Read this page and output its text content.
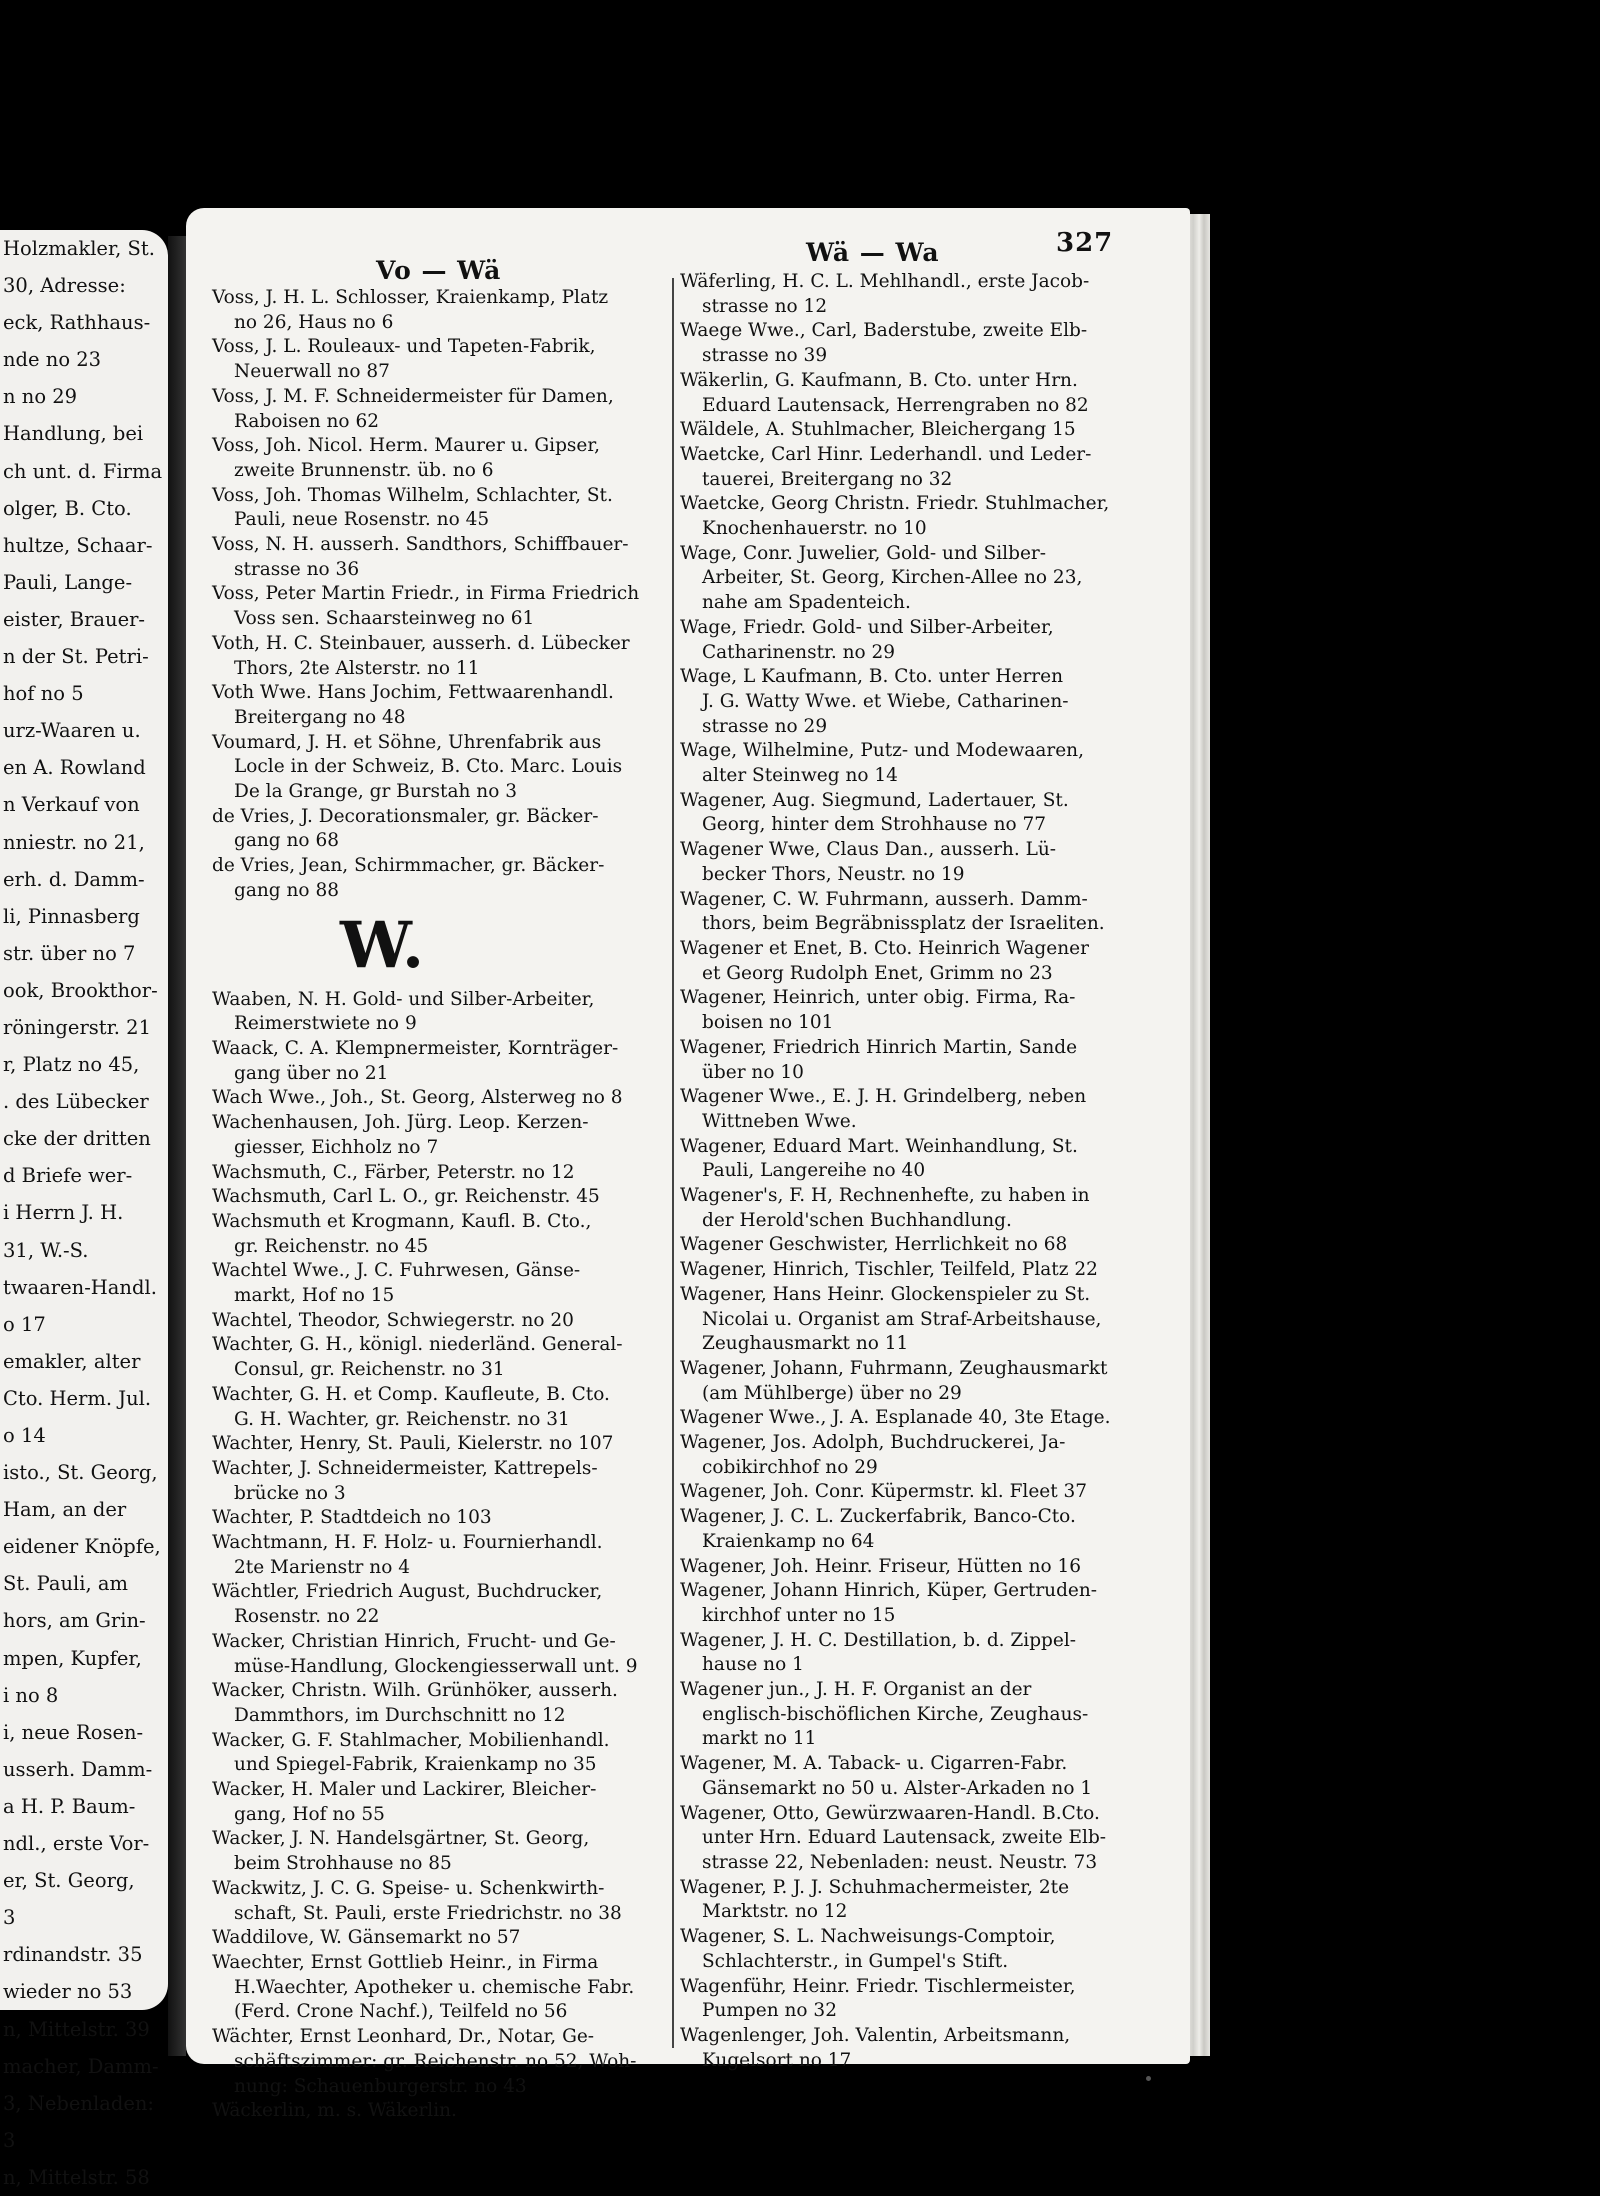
Holzmakler, St.
30, Adresse:
eck, Rathhaus-
nde no 23
n no 29
Handlung, bei
ch unt. d. Firma
olger, B. Cto.
hultze, Schaar-
Pauli, Lange-
eister, Brauer-
n der St. Petri-
hof no 5
urz-Waaren u.
en A. Rowland
n Verkauf von
nniestr. no 21,
erh. d. Damm-
li, Pinnasberg
str. über no 7
ook, Brookthor-
röningerstr. 21
r, Platz no 45,
. des Lübecker
cke der dritten
d Briefe wer-
i Herrn J. H.
31, W.-S.
twaaren-Handl.
o 17
emakler, alter
Cto. Herm. Jul.
o 14
isto., St. Georg,
Ham, an der
eidener Knöpfe,
St. Pauli, am
hors, am Grin-
mpen, Kupfer,
i no 8
i, neue Rosen-
usserh. Damm-
a H. P. Baum-
ndl., erste Vor-
er, St. Georg,
3
rdinandstr. 35
wieder no 53
n, Mittelstr. 39
macher, Damm-
3, Nebenladen:
3
n, Mittelstr. 58
Vo — Wä
Wä — Wa	327
Voss, J. H. L. Schlosser, Kraienkamp, Platz
no 26, Haus no 6
Voss, J. L. Rouleaux- und Tapeten-Fabrik,
Neuerwall no 87
Voss, J. M. F. Schneidermeister für Damen,
Raboisen no 62
Voss, Joh. Nicol. Herm. Maurer u. Gipser,
zweite Brunnenstr. üb. no 6
Voss, Joh. Thomas Wilhelm, Schlachter, St.
Pauli, neue Rosenstr. no 45
Voss, N. H. ausserh. Sandthors, Schiffbauer-
strasse no 36
Voss, Peter Martin Friedr., in Firma Friedrich
Voss sen. Schaarsteinweg no 61
Voth, H. C. Steinbauer, ausserh. d. Lübecker
Thors, 2te Alsterstr. no 11
Voth Wwe. Hans Jochim, Fettwaarenhandl.
Breitergang no 48
Voumard, J. H. et Söhne, Uhrenfabrik aus
Locle in der Schweiz, B. Cto. Marc. Louis
De la Grange, gr Burstah no 3
de Vries, J. Decorationsmaler, gr. Bäcker-
gang no 68
de Vries, Jean, Schirmmacher, gr. Bäcker-
gang no 88
W.
Waaben, N. H. Gold- und Silber-Arbeiter,
Reimerstwiete no 9
Waack, C. A. Klempnermeister, Kornträger-
gang über no 21
Wach Wwe., Joh., St. Georg, Alsterweg no 8
Wachenhausen, Joh. Jürg. Leop. Kerzen-
giesser, Eichholz no 7
Wachsmuth, C., Färber, Peterstr. no 12
Wachsmuth, Carl L. O., gr. Reichenstr. 45
Wachsmuth et Krogmann, Kaufl. B. Cto.,
gr. Reichenstr. no 45
Wachtel Wwe., J. C. Fuhrwesen, Gänse-
markt, Hof no 15
Wachtel, Theodor, Schwiegerstr. no 20
Wachter, G. H., königl. niederländ. General-
Consul, gr. Reichenstr. no 31
Wachter, G. H. et Comp. Kaufleute, B. Cto.
G. H. Wachter, gr. Reichenstr. no 31
Wachter, Henry, St. Pauli, Kielerstr. no 107
Wachter, J. Schneidermeister, Kattrepels-
brücke no 3
Wachter, P. Stadtdeich no 103
Wachtmann, H. F. Holz- u. Fournierhandl.
2te Marienstr no 4
Wächtler, Friedrich August, Buchdrucker,
Rosenstr. no 22
Wacker, Christian Hinrich, Frucht- und Ge-
müse-Handlung, Glockengiesserwall unt. 9
Wacker, Christn. Wilh. Grünhöker, ausserh.
Dammthors, im Durchschnitt no 12
Wacker, G. F. Stahlmacher, Mobilienhandl.
und Spiegel-Fabrik, Kraienkamp no 35
Wacker, H. Maler und Lackirer, Bleicher-
gang, Hof no 55
Wacker, J. N. Handelsgärtner, St. Georg,
beim Strohhause no 85
Wackwitz, J. C. G. Speise- u. Schenkwirth-
schaft, St. Pauli, erste Friedrichstr. no 38
Waddilove, W. Gänsemarkt no 57
Waechter, Ernst Gottlieb Heinr., in Firma
H.Waechter, Apotheker u. chemische Fabr.
(Ferd. Crone Nachf.), Teilfeld no 56
Wächter, Ernst Leonhard, Dr., Notar, Ge-
schäftszimmer: gr. Reichenstr. no 52, Woh-
nung: Schauenburgerstr. no 43
Wäckerlin, m. s. Wäkerlin.
Wäferling, H. C. L. Mehlhandl., erste Jacob-
strasse no 12
Waege Wwe., Carl, Baderstube, zweite Elb-
strasse no 39
Wäkerlin, G. Kaufmann, B. Cto. unter Hrn.
Eduard Lautensack, Herrengraben no 82
Wäldele, A. Stuhlmacher, Bleichergang 15
Waetcke, Carl Hinr. Lederhandl. und Leder-
tauerei, Breitergang no 32
Waetcke, Georg Christn. Friedr. Stuhlmacher,
Knochenhauerstr. no 10
Wage, Conr. Juwelier, Gold- und Silber-
Arbeiter, St. Georg, Kirchen-Allee no 23,
nahe am Spadenteich.
Wage, Friedr. Gold- und Silber-Arbeiter,
Catharinenstr. no 29
Wage, L Kaufmann, B. Cto. unter Herren
J. G. Watty Wwe. et Wiebe, Catharinen-
strasse no 29
Wage, Wilhelmine, Putz- und Modewaaren,
alter Steinweg no 14
Wagener, Aug. Siegmund, Ladertauer, St.
Georg, hinter dem Strohhause no 77
Wagener Wwe, Claus Dan., ausserh. Lü-
becker Thors, Neustr. no 19
Wagener, C. W. Fuhrmann, ausserh. Damm-
thors, beim Begräbnissplatz der Israeliten.
Wagener et Enet, B. Cto. Heinrich Wagener
et Georg Rudolph Enet, Grimm no 23
Wagener, Heinrich, unter obig. Firma, Ra-
boisen no 101
Wagener, Friedrich Hinrich Martin, Sande
über no 10
Wagener Wwe., E. J. H. Grindelberg, neben
Wittneben Wwe.
Wagener, Eduard Mart. Weinhandlung, St.
Pauli, Langereihe no 40
Wagener's, F. H, Rechnenhefte, zu haben in
der Herold'schen Buchhandlung.
Wagener Geschwister, Herrlichkeit no 68
Wagener, Hinrich, Tischler, Teilfeld, Platz 22
Wagener, Hans Heinr. Glockenspieler zu St.
Nicolai u. Organist am Straf-Arbeitshause,
Zeughausmarkt no 11
Wagener, Johann, Fuhrmann, Zeughausmarkt
(am Mühlberge) über no 29
Wagener Wwe., J. A. Esplanade 40, 3te Etage.
Wagener, Jos. Adolph, Buchdruckerei, Ja-
cobikirchhof no 29
Wagener, Joh. Conr. Küpermstr. kl. Fleet 37
Wagener, J. C. L. Zuckerfabrik, Banco-Cto.
Kraienkamp no 64
Wagener, Joh. Heinr. Friseur, Hütten no 16
Wagener, Johann Hinrich, Küper, Gertruden-
kirchhof unter no 15
Wagener, J. H. C. Destillation, b. d. Zippel-
hause no 1
Wagener jun., J. H. F. Organist an der
englisch-bischöflichen Kirche, Zeughaus-
markt no 11
Wagener, M. A. Taback- u. Cigarren-Fabr.
Gänsemarkt no 50 u. Alster-Arkaden no 1
Wagener, Otto, Gewürzwaaren-Handl. B.Cto.
unter Hrn. Eduard Lautensack, zweite Elb-
strasse 22, Nebenladen: neust. Neustr. 73
Wagener, P. J. J. Schuhmachermeister, 2te
Marktstr. no 12
Wagener, S. L. Nachweisungs-Comptoir,
Schlachterstr., in Gumpel's Stift.
Wagenführ, Heinr. Friedr. Tischlermeister,
Pumpen no 32
Wagenlenger, Joh. Valentin, Arbeitsmann,
Kugelsort no 17
